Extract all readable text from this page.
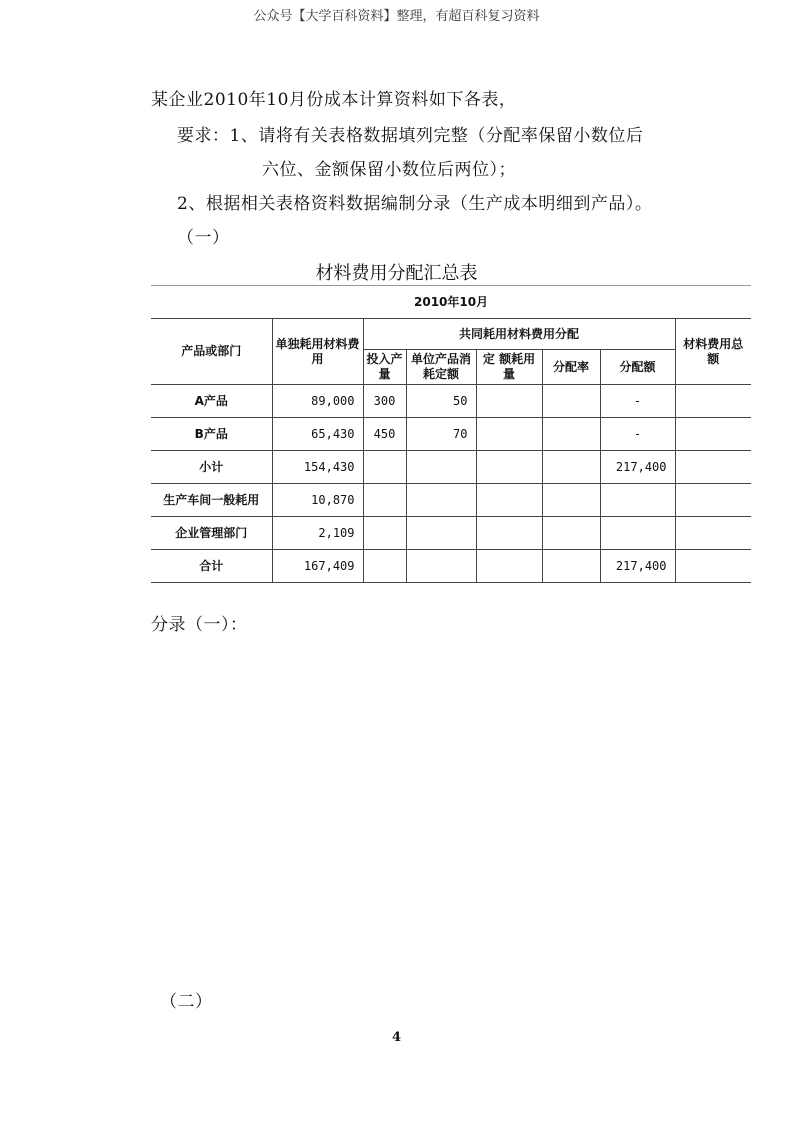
公众号【大学百科资料】整理，有超百科复习资料
某企业2010年10月份成本计算资料如下各表，
要求：1、请将有关表格数据填列完整（分配率保留小数位后
六位、金额保留小数位后两位）；
2、根据相关表格资料数据编制分录（生产成本明细到产品）。
（一）
材料费用分配汇总表
2010年10月							
产品或部门	单独耗用材料费用	共同耗用材料费用分配					材料费用总额
		投入产量	单位产品消耗定额	定 额耗用量	分配率	分配额	
A产品	89,000	300	50			-	
B产品	65,430	450	70			-	
小计	154,430					217,400	
生产车间一般耗用	10,870						
企业管理部门	2,109						
合计	167,409					217,400	
分录（一）：
（二）
4
